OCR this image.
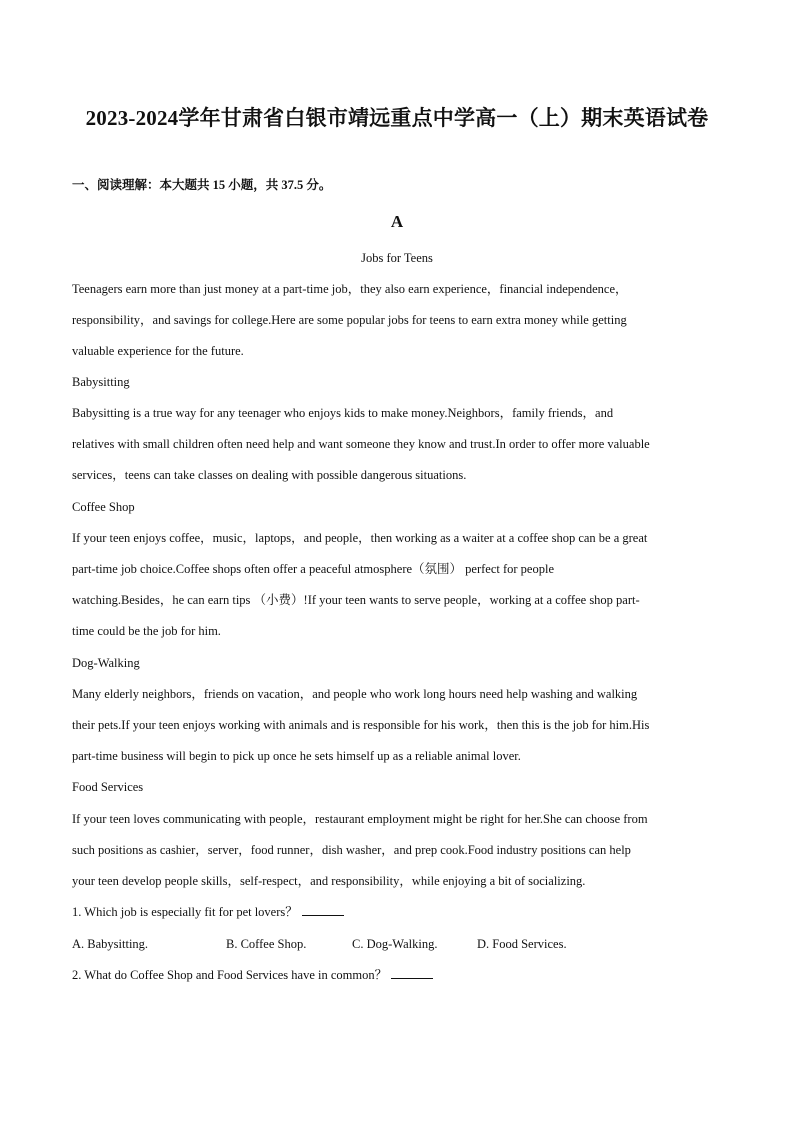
2023-2024学年甘肃省白银市靖远重点中学高一（上）期末英语试卷
一、阅读理解：本大题共 15 小题，共 37.5 分。
A
Jobs for Teens
Teenagers earn more than just money at a part-time job，they also earn experience，financial independence，
responsibility，and savings for college.Here are some popular jobs for teens to earn extra money while getting
valuable experience for the future.
Babysitting
Babysitting is a true way for any teenager who enjoys kids to make money.Neighbors，family friends，and
relatives with small children often need help and want someone they know and trust.In order to offer more valuable
services，teens can take classes on dealing with possible dangerous situations.
Coffee Shop
If your teen enjoys coffee，music，laptops，and people，then working as a waiter at a coffee shop can be a great
part-time job choice.Coffee shops often offer a peaceful atmosphere（氛围） perfect for people
watching.Besides，he can earn tips （小费）!If your teen wants to serve people，working at a coffee shop part-
time could be the job for him.
Dog-Walking
Many elderly neighbors，friends on vacation，and people who work long hours need help washing and walking
their pets.If your teen enjoys working with animals and is responsible for his work，then this is the job for him.His
part-time business will begin to pick up once he sets himself up as a reliable animal lover.
Food Services
If your teen loves communicating with people，restaurant employment might be right for her.She can choose from
such positions as cashier，server，food runner，dish washer，and prep cook.Food industry positions can help
your teen develop people skills，self-respect，and responsibility，while enjoying a bit of socializing.
1. Which job is especially fit for pet lovers？
A. Babysitting.	B. Coffee Shop.	C. Dog-Walking.	D. Food Services.
2. What do Coffee Shop and Food Services have in common？
